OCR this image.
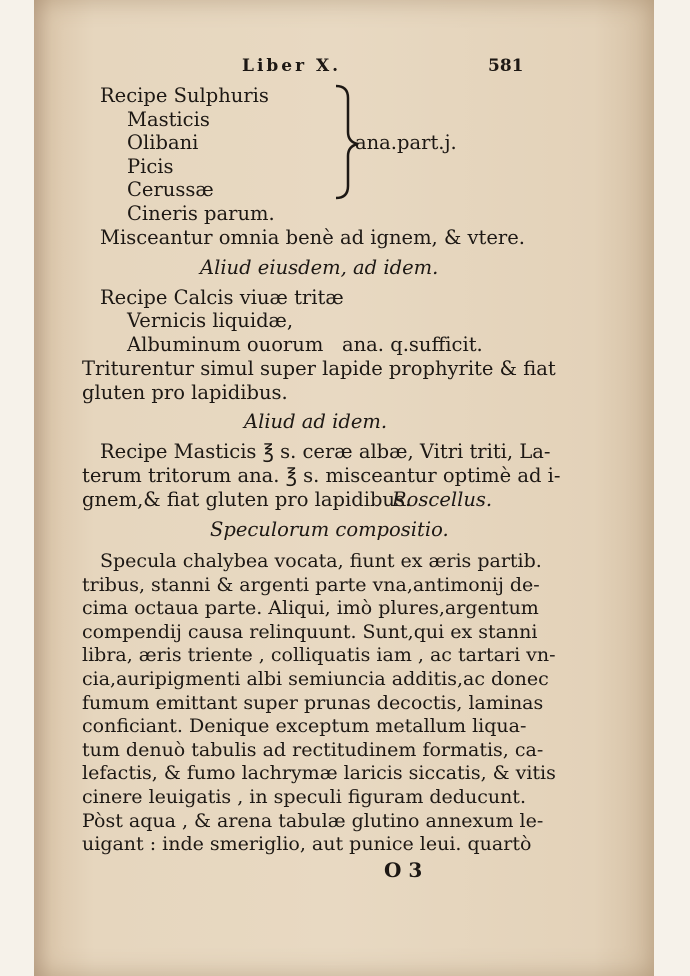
Liber X.	581
Recipe Sulphuris
Masticis
Olibani
Picis
Cerussæ
Cineris parum.
ana.part.j.
Misceantur omnia benè ad ignem, & vtere.
Aliud eiusdem, ad idem.
Recipe Calcis viuæ tritæ
Vernicis liquidæ,
Albuminum ouorum ana. q.sufficit.
Triturentur simul super lapide prophyrite & fiat
gluten pro lapidibus.
Aliud ad idem.
Recipe Masticis ℥ s. ceræ albæ, Vitri triti, La-
terum tritorum ana. ℥ s. misceantur optimè ad i-
gnem,& fiat gluten pro lapidibus.
Roscellus.
Speculorum compositio.
Specula chalybea vocata, fiunt ex æris partib.
tribus, stanni & argenti parte vna,antimonij de-
cima octaua parte. Aliqui, imò plures,argentum
compendij causa relinquunt. Sunt,qui ex stanni
libra, æris triente , colliquatis iam , ac tartari vn-
cia,auripigmenti albi semiuncia additis,ac donec
fumum emittant super prunas decoctis, laminas
conficiant. Denique exceptum metallum liqua-
tum denuò tabulis ad rectitudinem formatis, ca-
lefactis, & fumo lachrymæ laricis siccatis, & vitis
cinere leuigatis , in speculi figuram deducunt.
Pòst aqua , & arena tabulæ glutino annexum le-
uigant : inde smeriglio, aut punice leui. quartò
O 3
